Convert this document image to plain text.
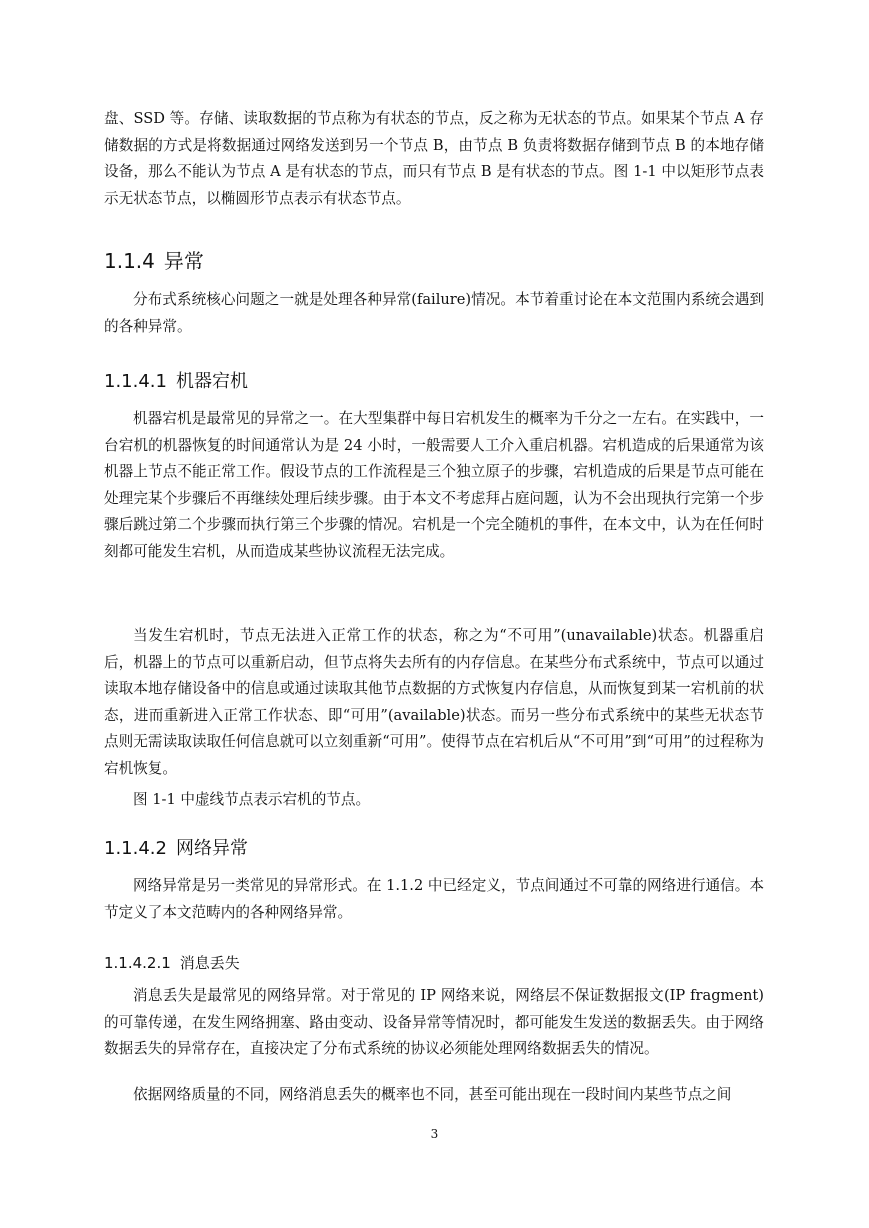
盘、SSD 等。存储、读取数据的节点称为有状态的节点，反之称为无状态的节点。如果某个节点 A 存储数据的方式是将数据通过网络发送到另一个节点 B，由节点 B 负责将数据存储到节点 B 的本地存储设备，那么不能认为节点 A 是有状态的节点，而只有节点 B 是有状态的节点。图 1-1 中以矩形节点表示无状态节点，以椭圆形节点表示有状态节点。

1.1.4 异常

分布式系统核心问题之一就是处理各种异常(failure)情况。本节着重讨论在本文范围内系统会遇到的各种异常。

1.1.4.1 机器宕机

机器宕机是最常见的异常之一。在大型集群中每日宕机发生的概率为千分之一左右。在实践中，一台宕机的机器恢复的时间通常认为是 24 小时，一般需要人工介入重启机器。宕机造成的后果通常为该机器上节点不能正常工作。假设节点的工作流程是三个独立原子的步骤，宕机造成的后果是节点可能在处理完某个步骤后不再继续处理后续步骤。由于本文不考虑拜占庭问题，认为不会出现执行完第一个步骤后跳过第二个步骤而执行第三个步骤的情况。宕机是一个完全随机的事件，在本文中，认为在任何时刻都可能发生宕机，从而造成某些协议流程无法完成。

当发生宕机时，节点无法进入正常工作的状态，称之为“不可用”(unavailable)状态。机器重启后，机器上的节点可以重新启动，但节点将失去所有的内存信息。在某些分布式系统中，节点可以通过读取本地存储设备中的信息或通过读取其他节点数据的方式恢复内存信息，从而恢复到某一宕机前的状态，进而重新进入正常工作状态、即“可用”(available)状态。而另一些分布式系统中的某些无状态节点则无需读取读取任何信息就可以立刻重新“可用”。使得节点在宕机后从“不可用”到“可用”的过程称为宕机恢复。

图 1-1 中虚线节点表示宕机的节点。

1.1.4.2 网络异常

网络异常是另一类常见的异常形式。在 1.1.2 中已经定义，节点间通过不可靠的网络进行通信。本节定义了本文范畴内的各种网络异常。

1.1.4.2.1 消息丢失

消息丢失是最常见的网络异常。对于常见的 IP 网络来说，网络层不保证数据报文(IP fragment)的可靠传递，在发生网络拥塞、路由变动、设备异常等情况时，都可能发生发送的数据丢失。由于网络数据丢失的异常存在，直接决定了分布式系统的协议必须能处理网络数据丢失的情况。

依据网络质量的不同，网络消息丢失的概率也不同，甚至可能出现在一段时间内某些节点之间

3
